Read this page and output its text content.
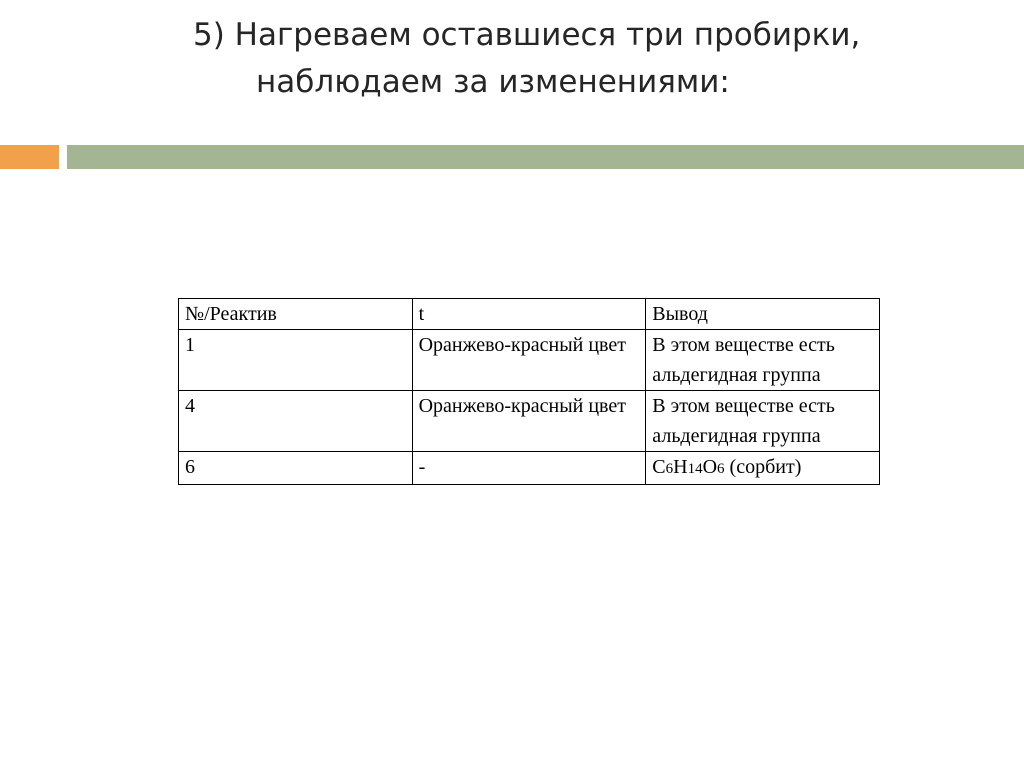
5) Нагреваем оставшиеся три пробирки,
наблюдаем за изменениями:
№/Реактив	t	Вывод
1	Оранжево-красный цвет	В этом веществе есть альдегидная группа
4	Оранжево-красный цвет	В этом веществе есть альдегидная группа
6	-	C6H14O6 (сорбит)
